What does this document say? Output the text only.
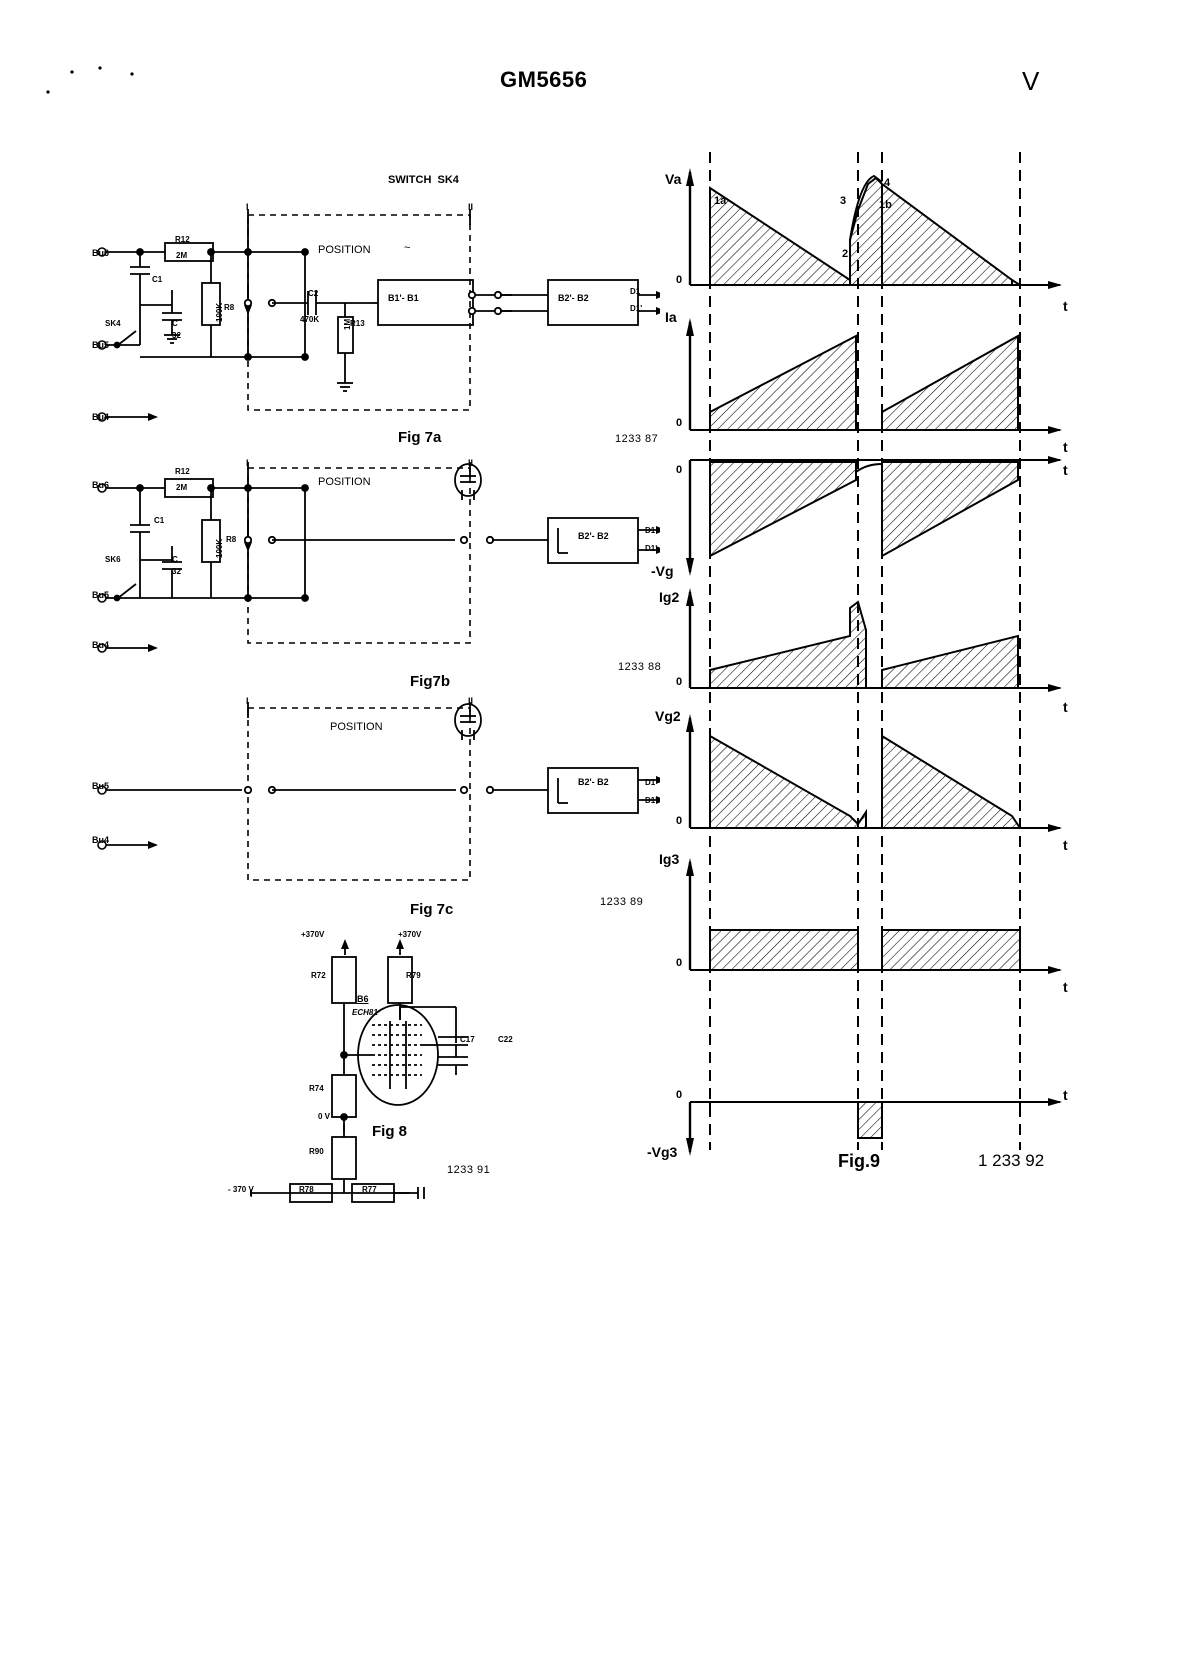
GM5656	V
SWITCH  SK4
Bu6
Bu5
Bu4
R12
2M
C1
SK4	C
32
100K R8
C2
470K	R13
1M
B1'- B1	B2'- B2
D1
D1'
POSITION	~
I	II
Fig 7a
Bu6
Bu5
Bu4
R12
2M
C1
SK6	C
32
100K R8	B2'- B2
D1
D1'
POSITION
I	II
Fig7b
Bu5
Bu4
B2'- B2	D1
D1'
POSITION
I	II
Fig 7c
+370V	+370V
0 V
- 370 V
R72	R79
R74
R90
R78	R77
C17	C22
B6
ECH81
Fig 8
1233 91
1233 87
1233 88
1233 89
Va
0
t
Ia
0
t
0	t
-Vg
Ig2
0
t
Vg2
0
t
Ig3
0
t
0	t
-Vg3
1a	3
4
1b
2
Fig.9	1 233 92
